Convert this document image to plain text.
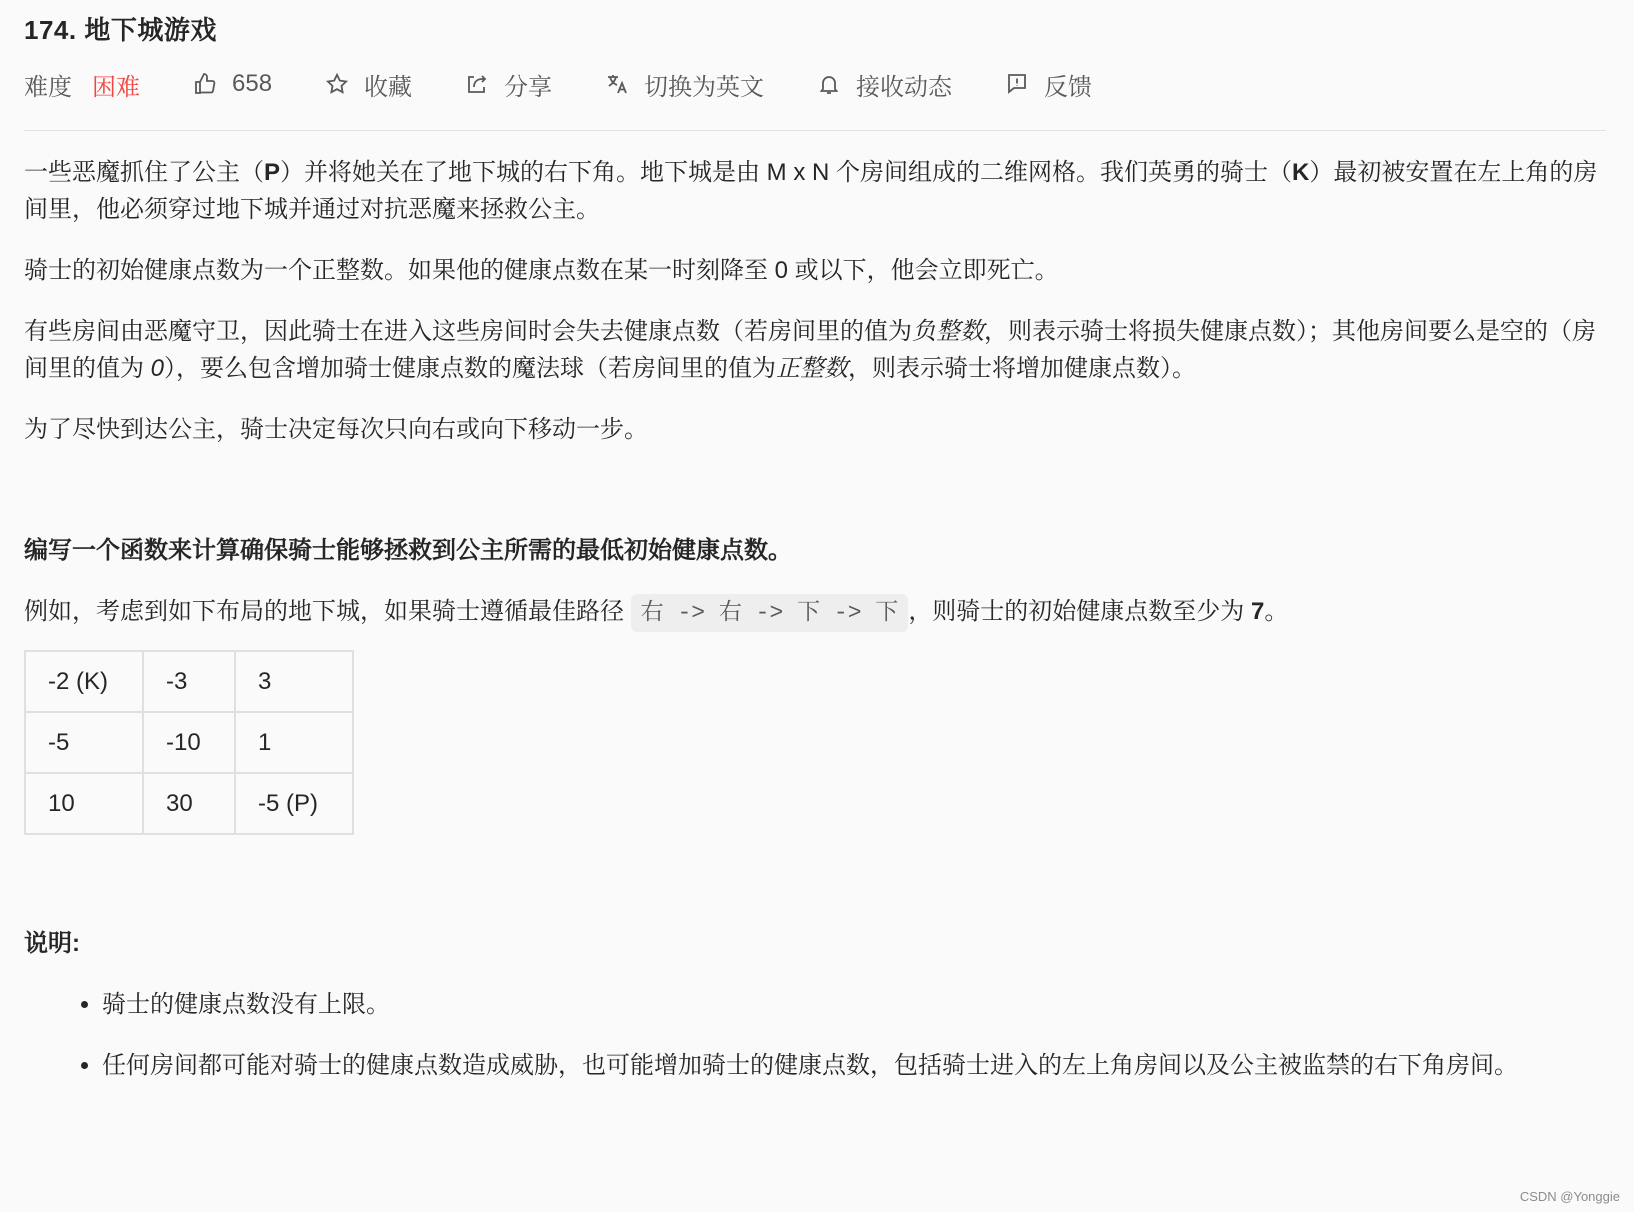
174. 地下城游戏
难度 困难	658	收藏	分享	切换为英文	接收动态	反馈

一些恶魔抓住了公主（P）并将她关在了地下城的右下角。地下城是由 M x N 个房间组成的二维网格。我们英勇的骑士（K）最初被安置在左上角的房间里，他必须穿过地下城并通过对抗恶魔来拯救公主。

骑士的初始健康点数为一个正整数。如果他的健康点数在某一时刻降至 0 或以下，他会立即死亡。

有些房间由恶魔守卫，因此骑士在进入这些房间时会失去健康点数（若房间里的值为负整数，则表示骑士将损失健康点数）；其他房间要么是空的（房间里的值为 0），要么包含增加骑士健康点数的魔法球（若房间里的值为正整数，则表示骑士将增加健康点数）。

为了尽快到达公主，骑士决定每次只向右或向下移动一步。

编写一个函数来计算确保骑士能够拯救到公主所需的最低初始健康点数。

例如，考虑到如下布局的地下城，如果骑士遵循最佳路径 右 -> 右 -> 下 -> 下 ，则骑士的初始健康点数至少为 7。

-2 (K)	-3	3
-5	-10	1
10	30	-5 (P)

说明:

• 骑士的健康点数没有上限。
• 任何房间都可能对骑士的健康点数造成威胁，也可能增加骑士的健康点数，包括骑士进入的左上角房间以及公主被监禁的右下角房间。
CSDN @Yonggie
